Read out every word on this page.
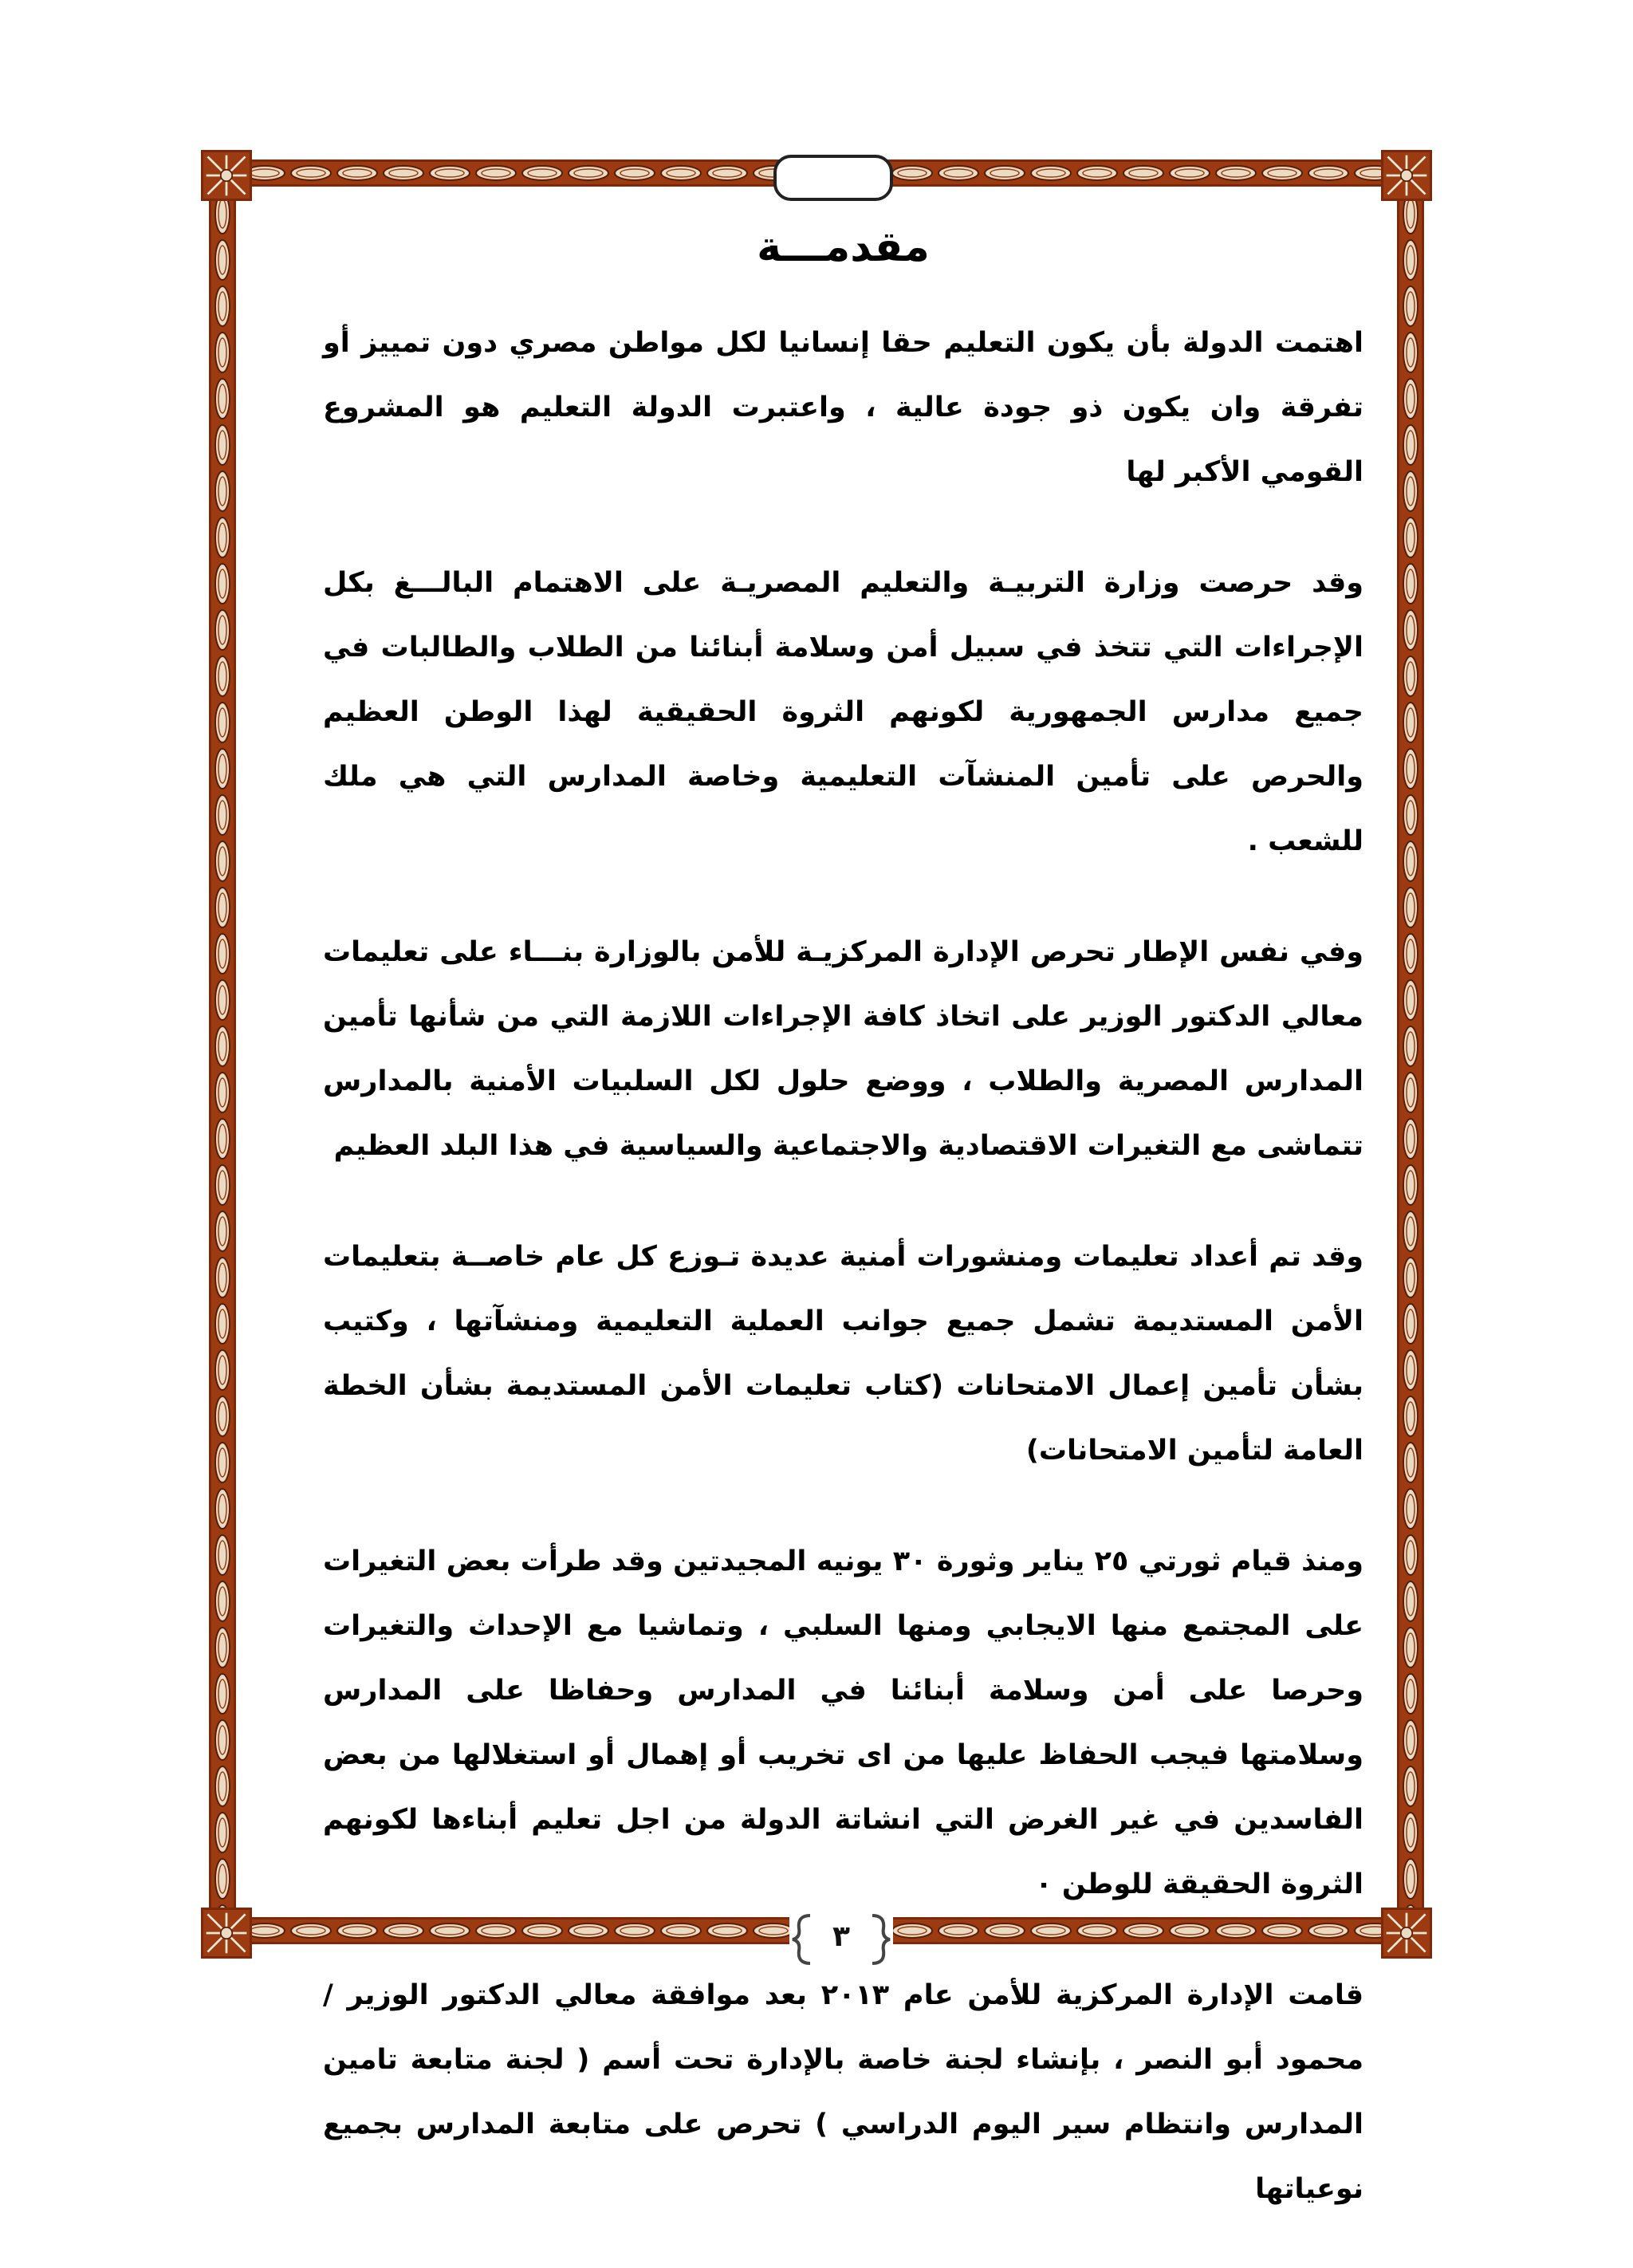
٣
مقدمـــة

اهتمت الدولة بأن يكون التعليم حقا إنسانيا لكل مواطن مصري دون تمييز أو تفرقة وان يكون ذو جودة عالية ، واعتبرت الدولة التعليم هو المشروع القومي الأكبر لها

وقد حرصت وزارة التربيـة والتعليم المصريـة على الاهتمام البالـــغ بكل الإجراءات التي تتخذ في سبيل أمن وسلامة أبنائنا من الطلاب والطالبات في جميع مدارس الجمهورية لكونهم الثروة الحقيقية لهذا الوطن العظيم والحرص على تأمين المنشآت التعليمية وخاصة المدارس التي هي ملك للشعب .

وفي نفس الإطار تحرص الإدارة المركزيـة للأمن بالوزارة بنـــاء على تعليمات معالي الدكتور الوزير على اتخاذ كافة الإجراءات اللازمة التي من شأنها تأمين المدارس المصرية والطلاب ، ووضع حلول لكل السلبيات الأمنية بالمدارس تتماشى مع التغيرات الاقتصادية والاجتماعية والسياسية في هذا البلد العظيم

وقد تم أعداد تعليمات ومنشورات أمنية عديدة تـوزع كل عام خاصــة بتعليمات الأمن المستديمة تشمل جميع جوانب العملية التعليمية ومنشآتها ، وكتيب بشأن تأمين إعمال الامتحانات (كتاب تعليمات الأمن المستديمة بشأن الخطة العامة لتأمين الامتحانات)

ومنذ قيام ثورتي ٢٥ يناير وثورة ٣٠ يونيه المجيدتين وقد طرأت بعض التغيرات على المجتمع منها الايجابي ومنها السلبي ، وتماشيا مع الإحداث والتغيرات وحرصا على أمن وسلامة أبنائنا في المدارس وحفاظا على المدارس وسلامتها فيجب الحفاظ عليها من اى تخريب أو إهمال أو استغلالها من بعض الفاسدين في غير الغرض التي انشاتة الدولة من اجل تعليم أبناءها لكونهم الثروة الحقيقة للوطن ٠

قامت الإدارة المركزية للأمن عام ٢٠١٣ بعد موافقة معالي الدكتور الوزير / محمود أبو النصر ، بإنشاء لجنة خاصة بالإدارة تحت أسم ( لجنة متابعة تامين المدارس وانتظام سير اليوم الدراسي ) تحرص على متابعة المدارس بجميع نوعياتها
